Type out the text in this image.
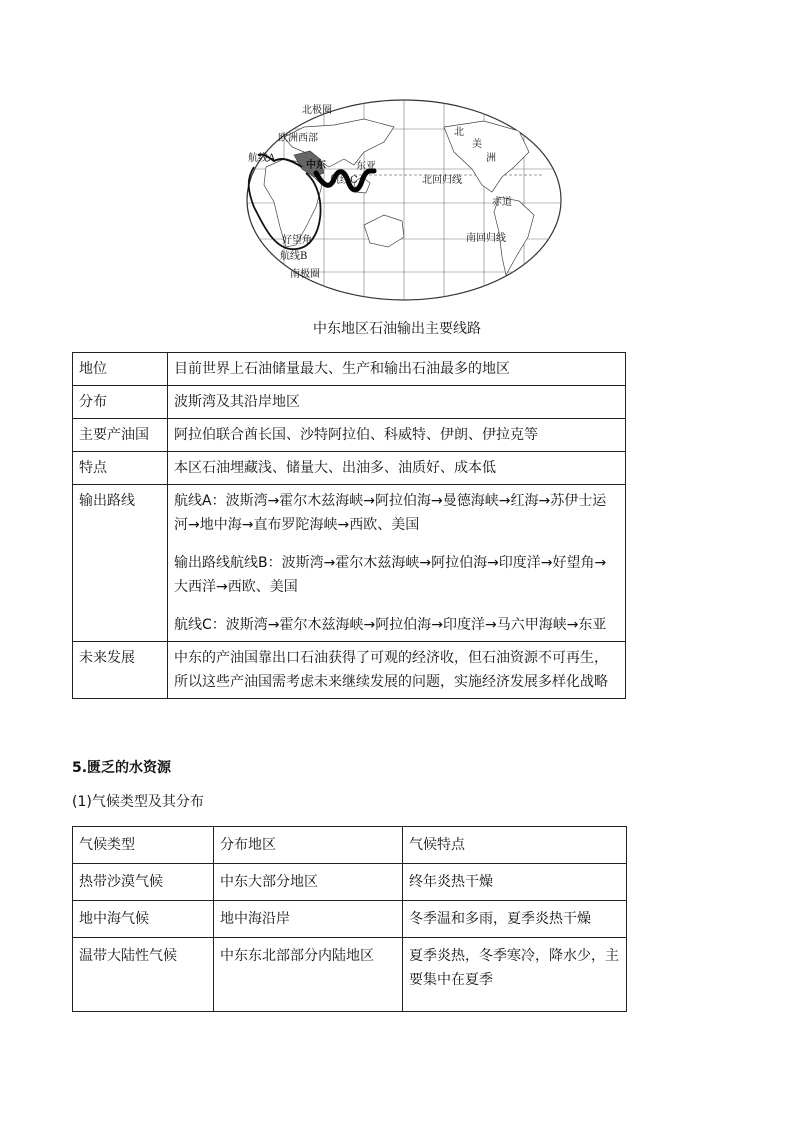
北极圈
欧洲西部
航线A
中东	东亚
航线C
北
美
洲
北回归线
赤道
南回归线
好望角
航线B
南极圈
中东地区石油输出主要线路
地位	目前世界上石油储量最大、生产和输出石油最多的地区
分布	波斯湾及其沿岸地区
主要产油国	阿拉伯联合酋长国、沙特阿拉伯、科威特、伊朗、伊拉克等
特点	本区石油埋藏浅、储量大、出油多、油质好、成本低
输出路线	航线A：波斯湾→霍尔木兹海峡→阿拉伯海→曼德海峡→红海→苏伊士运河→地中海→直布罗陀海峡→西欧、美国

输出路线航线B：波斯湾→霍尔木兹海峡→阿拉伯海→印度洋→好望角→大西洋→西欧、美国

航线C：波斯湾→霍尔木兹海峡→阿拉伯海→印度洋→马六甲海峡→东亚

未来发展	中东的产油国靠出口石油获得了可观的经济收，但石油资源不可再生，所以这些产油国需考虑未来继续发展的问题，实施经济发展多样化战略
5.匮乏的水资源
(1)气候类型及其分布
气候类型	分布地区	气候特点
热带沙漠气候	中东大部分地区	终年炎热干燥
地中海气候	地中海沿岸	冬季温和多雨，夏季炎热干燥
温带大陆性气候	中东东北部部分内陆地区	夏季炎热，冬季寒冷，降水少，主要集中在夏季
